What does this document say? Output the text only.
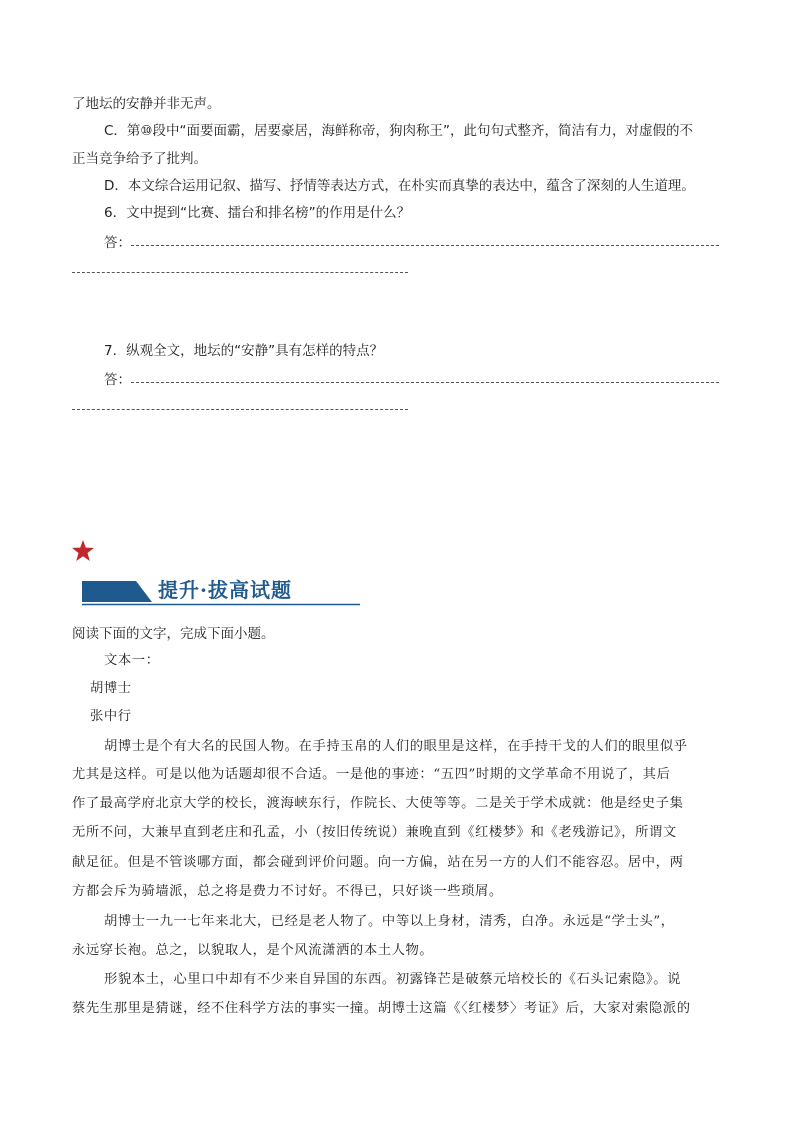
了地坛的安静并非无声。
C．第⑩段中“面要面霸，居要豪居，海鲜称帝，狗肉称王”，此句句式整齐，简洁有力，对虚假的不
正当竞争给予了批判。
D．本文综合运用记叙、描写、抒情等表达方式，在朴实而真挚的表达中，蕴含了深刻的人生道理。
6．文中提到“比赛、擂台和排名榜”的作用是什么？
答：
7．纵观全文，地坛的“安静”具有怎样的特点？
答：
提升·拔高试题
阅读下面的文字，完成下面小题。
文本一：
胡博士
张中行
胡博士是个有大名的民国人物。在手持玉帛的人们的眼里是这样，在手持干戈的人们的眼里似乎
尤其是这样。可是以他为话题却很不合适。一是他的事迹：“五四”时期的文学革命不用说了，其后
作了最高学府北京大学的校长，渡海峡东行，作院长、大使等等。二是关于学术成就：他是经史子集
无所不问，大兼早直到老庄和孔孟，小（按旧传统说）兼晚直到《红楼梦》和《老残游记》，所谓文
献足征。但是不管谈哪方面，都会碰到评价问题。向一方偏，站在另一方的人们不能容忍。居中，两
方都会斥为骑墙派，总之将是费力不讨好。不得已，只好谈一些琐屑。
胡博士一九一七年来北大，已经是老人物了。中等以上身材，清秀，白净。永远是“学士头”，
永远穿长袍。总之，以貌取人，是个风流潇洒的本土人物。
形貌本土，心里口中却有不少来自异国的东西。初露锋芒是破蔡元培校长的《石头记索隐》。说
蔡先生那里是猜谜，经不住科学方法的事实一撞。胡博士这篇《〈红楼梦〉考证》后，大家对索隐派的
